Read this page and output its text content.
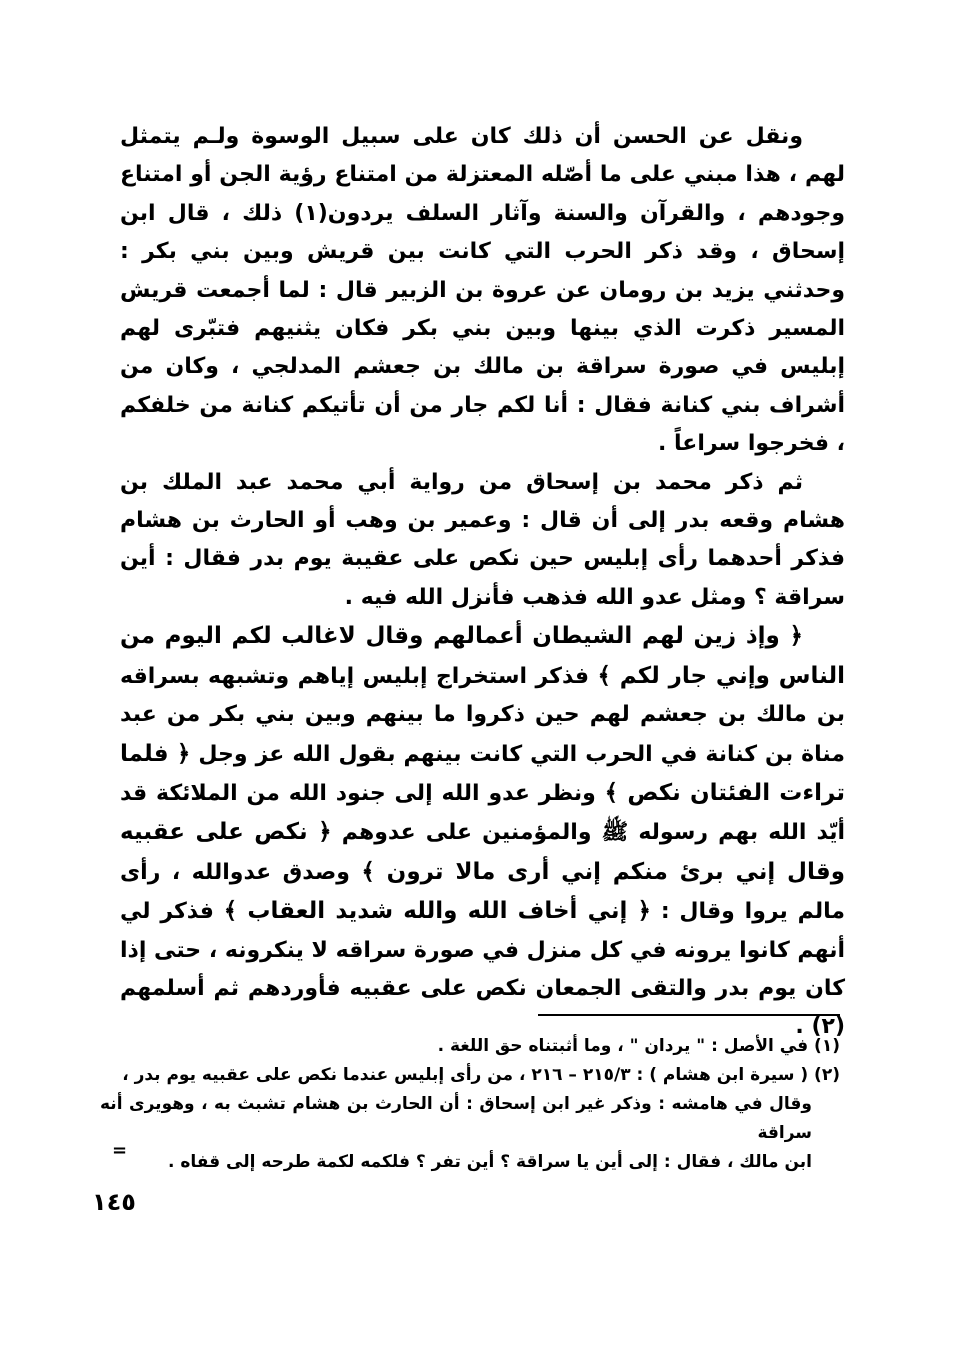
ونقل عن الحسن أن ذلك كان على سبيل الوسوة ولـم يتمثل لهم ، هذا مبني على ما أصّله المعتزلة من امتناع رؤية الجن أو امتناع وجودهم ، والقرآن والسنة وآثار السلف يردون(١) ذلك ، قال ابن إسحاق ، وقد ذكر الحرب التي كانت بين قريش وبين بني بكر : وحدثني يزيد بن رومان عن عروة بن الزبير قال : لما أجمعت قريش المسير ذكرت الذي بينها وبين بني بكر فكان يثنيهم فتبّرى لهم إبليس في صورة سراقة بن مالك بن جعشم المدلجي ، وكان من أشراف بني كنانة فقال : أنا لكم جار من أن تأتيكم كنانة من خلفكم ، فخرجوا سراعاً .

ثم ذكر محمد بن إسحاق من رواية أبي محمد عبد الملك بن هشام وقعه بدر إلى أن قال : وعمير بن وهب أو الحارث بن هشام فذكر أحدهما رأى إبليس حين نكص على عقيبة يوم بدر فقال : أين سراقة ؟ ومثل عدو الله فذهب فأنزل الله فيه .

﴿ وإذ زين لهم الشيطان أعمالهم وقال لاغالب لكم اليوم من الناس وإني جار لكم ﴾ فذكر استخراج إبليس إياهم وتشبهه بسراقه بن مالك بن جعشم لهم حين ذكروا ما بينهم وبين بني بكر من عبد مناة بن كنانة في الحرب التي كانت بينهم بقول الله عز وجل ﴿ فلما تراءت الفئتان نكص ﴾ ونظر عدو الله إلى جنود الله من الملائكة قد أيّد الله بهم رسوله ﷺ والمؤمنين على عدوهم ﴿ نكص على عقبيه وقال إني برئ منكم إني أرى مالا ترون ﴾ وصدق عدوالله ، رأى مالم يروا وقال : ﴿ إني أخاف الله والله شديد العقاب ﴾ فذكر لي أنهم كانوا يرونه في كل منزل في صورة سراقه لا ينكرونه ، حتى إذا كان يوم بدر والتقى الجمعان نكص على عقبيه فأوردهم ثم أسلمهم (٢) .

(١) في الأصل : " يردان " ، وما أثبتناه حق اللغة .

(٢) ( سيرة ابن هشام ) : ٢١٥/٣ – ٢١٦ ، من رأى إبليس عندما نكص على عقبيه يوم بدر ،

وقال في هامشه : وذكر غير ابن إسحاق : أن الحارث بن هشام تشبث به ، وهويرى أنه سراقة

ابن مالك ، فقال : إلى أين يا سراقة ؟ أين تفر ؟ فلكمه لكمة طرحه إلى قفاه .

=
١٤٥
